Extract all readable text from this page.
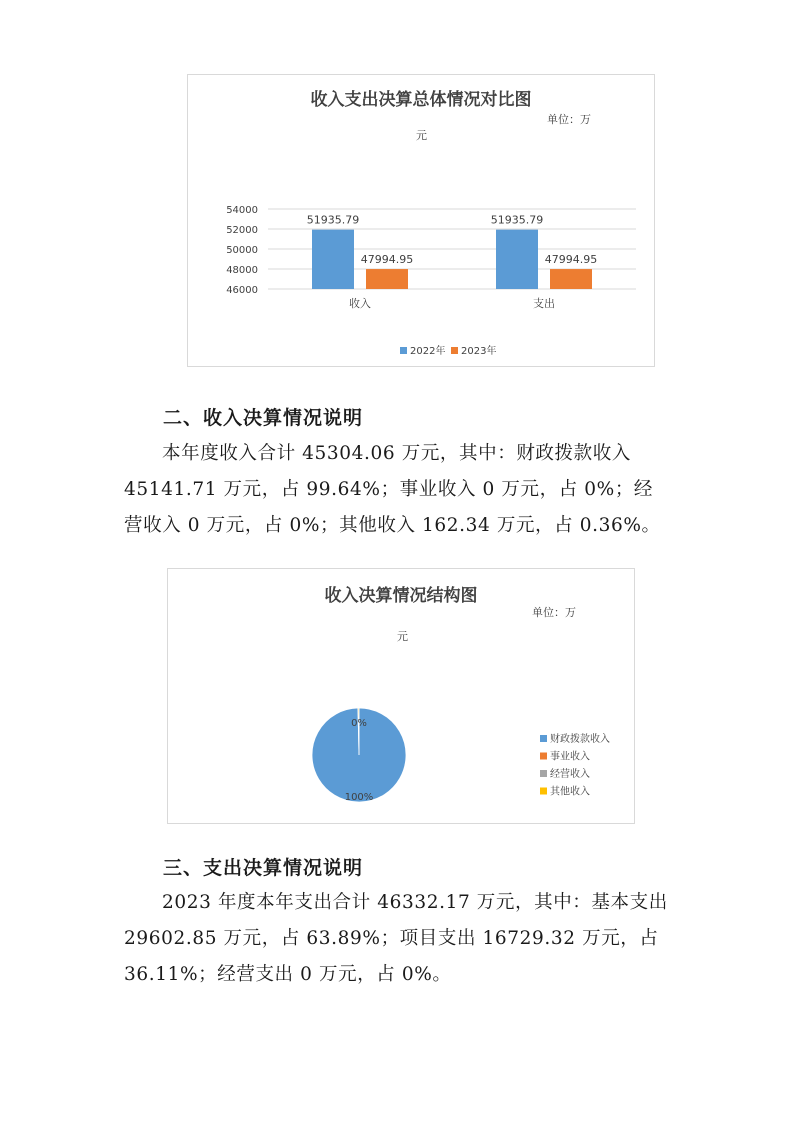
收入支出决算总体情况对比图
单位：万
元
54000
52000
50000
48000
46000
51935.79
47994.95
收入
51935.79
47994.95
支出
2022年 2023年
二、收入决算情况说明
本年度收入合计 45304.06 万元，其中：财政拨款收入45141.71 万元，占 99.64%；事业收入 0 万元，占 0%；经营收入 0 万元，占 0%；其他收入 162.34 万元，占 0.36%。
收入决算情况结构图
单位：万
元
0%
100%
财政拨款收入
事业收入
经营收入
其他收入
三、支出决算情况说明
2023 年度本年支出合计 46332.17 万元，其中：基本支出 29602.85 万元，占 63.89%；项目支出 16729.32 万元，占36.11%；经营支出 0 万元，占 0%。
